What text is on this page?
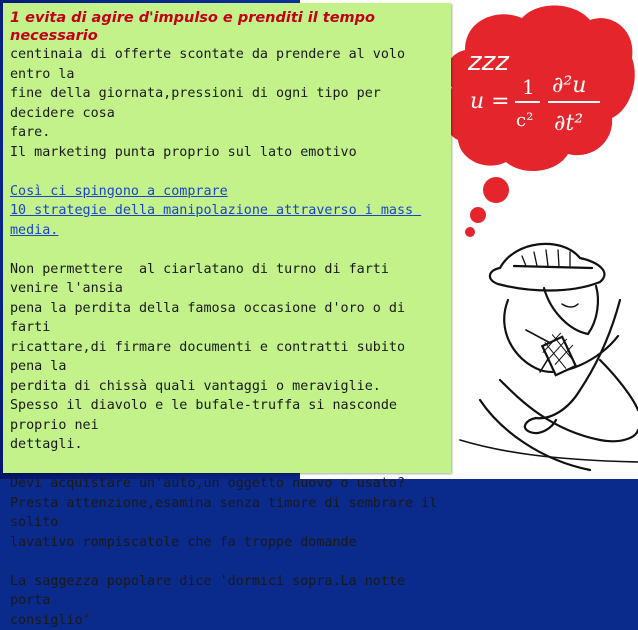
zzz
u =
1
c²
∂²u
∂t²

1 evita di agire d'impulso e prenditi il tempo necessario

centinaia di offerte scontate da prendere al volo entro la

fine della giornata,pressioni di ogni tipo per decidere cosa

fare.

Il marketing punta proprio sul lato emotivo

Così ci spingono a comprare

10 strategie della manipolazione attraverso i mass media.

Non permettere  al ciarlatano di turno di farti venire l'ansia

pena la perdita della famosa occasione d'oro o di farti

ricattare,di firmare documenti e contratti subito pena la

perdita di chissà quali vantaggi o meraviglie.

Spesso il diavolo e le bufale-truffa si nasconde proprio nei

dettagli.

Devi acquistare un'auto,un oggetto nuovo o usato?

Presta attenzione,esamina senza timore di sembrare il solito

lavativo rompiscatole che fa troppe domande

La saggezza popolare dice 'dormici sopra.La notte porta

consiglio'
